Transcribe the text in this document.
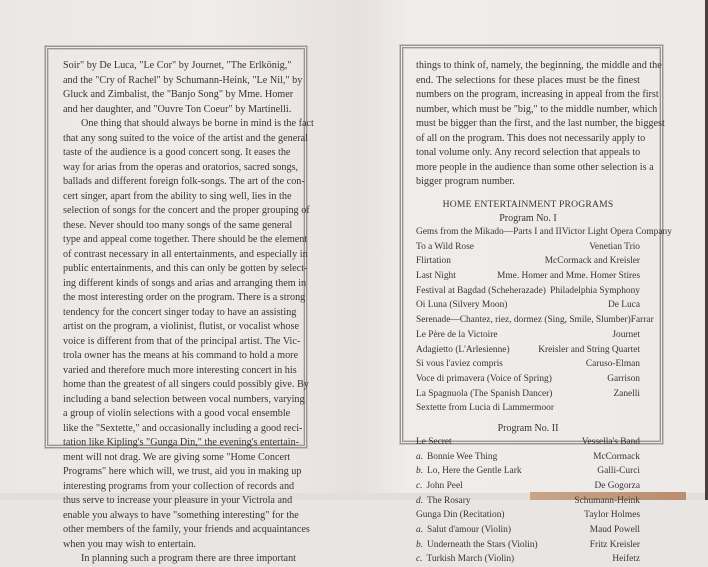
Soir" by De Luca, "Le Cor" by Journet, "The Erlkönig,"
and the "Cry of Rachel" by Schumann-Heink, "Le Nil," by
Gluck and Zimbalist, the "Banjo Song" by Mme. Homer
and her daughter, and "Ouvre Ton Coeur" by Martinelli.
One thing that should always be borne in mind is the fact
that any song suited to the voice of the artist and the general
taste of the audience is a good concert song. It eases the
way for arias from the operas and oratorios, sacred songs,
ballads and different foreign folk-songs. The art of the con-
cert singer, apart from the ability to sing well, lies in the
selection of songs for the concert and the proper grouping of
these. Never should too many songs of the same general
type and appeal come together. There should be the element
of contrast necessary in all entertainments, and especially in
public entertainments, and this can only be gotten by select-
ing different kinds of songs and arias and arranging them in
the most interesting order on the program. There is a strong
tendency for the concert singer today to have an assisting
artist on the program, a violinist, flutist, or vocalist whose
voice is different from that of the principal artist. The Vic-
trola owner has the means at his command to hold a more
varied and therefore much more interesting concert in his
home than the greatest of all singers could possibly give. By
including a band selection between vocal numbers, varying
a group of violin selections with a good vocal ensemble
like the "Sextette," and occasionally including a good reci-
tation like Kipling's "Gunga Din," the evening's entertain-
ment will not drag. We are giving some "Home Concert
Programs" here which will, we trust, aid you in making up
interesting programs from your collection of records and
thus serve to increase your pleasure in your Victrola and
enable you always to have "something interesting" for the
other members of the family, your friends and acquaintances
when you may wish to entertain.
In planning such a program there are three important
things to think of, namely, the beginning, the middle and the
end. The selections for these places must be the finest
numbers on the program, increasing in appeal from the first
number, which must be "big," to the middle number, which
must be bigger than the first, and the last number, the biggest
of all on the program. This does not necessarily apply to
tonal volume only. Any record selection that appeals to
more people in the audience than some other selection is a
bigger program number.
HOME ENTERTAINMENT PROGRAMS
Program No. I
Gems from the Mikado—Parts I and II Victor Light Opera Company
To a Wild Rose	Venetian Trio
Flirtation	McCormack and Kreisler
Last Night	Mme. Homer and Mme. Homer Stires
Festival at Bagdad (Scheherazade) Philadelphia Symphony
Oi Luna (Silvery Moon)	De Luca
Serenade—Chantez, riez, dormez (Sing, Smile, Slumber) Farrar
Le Père de la Victoire	Journet
Adagietto (L'Arlesienne)	Kreisler and String Quartet
Si vous l'aviez compris	Caruso-Elman
Voce di primavera (Voice of Spring)	Garrison
La Spagnuola (The Spanish Dancer)	Zanelli
Sextette from Lucia di Lammermoor
Program No. II
Le Secret	Vessella's Band
a. Bonnie Wee Thing	McCormack
b. Lo, Here the Gentle Lark	Galli-Curci
c. John Peel	De Gogorza
d. The Rosary	Schumann-Heink
Gunga Din (Recitation)	Taylor Holmes
a. Salut d'amour (Violin)	Maud Powell
b. Underneath the Stars (Violin)	Fritz Kreisler
c. Turkish March (Violin)	Heifetz
